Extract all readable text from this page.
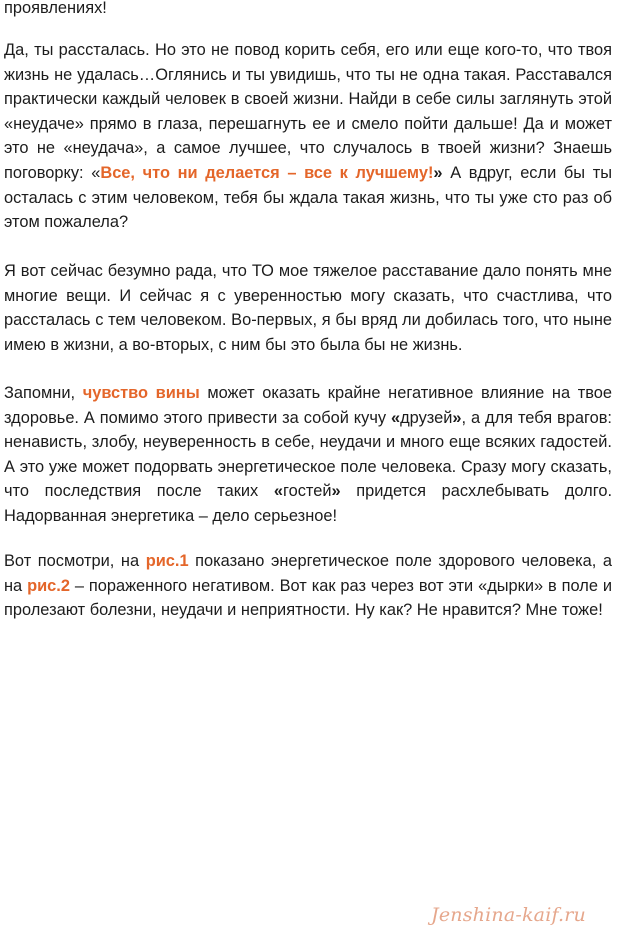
проявлениях!

Да, ты рассталась. Но это не повод корить себя, его или еще кого-то, что твоя жизнь не удалась…Оглянись и ты увидишь, что ты не одна такая. Расставался практически каждый человек в своей жизни. Найди в себе силы заглянуть этой «неудаче» прямо в глаза, перешагнуть ее и смело пойти дальше! Да и может это не «неудача», а самое лучшее, что случалось в твоей жизни? Знаешь поговорку: «Все, что ни делается – все к лучшему!» А вдруг, если бы ты осталась с этим человеком, тебя бы ждала такая жизнь, что ты уже сто раз об этом пожалела?

Я вот сейчас безумно рада, что ТО мое тяжелое расставание дало понять мне многие вещи. И сейчас я с уверенностью могу сказать, что счастлива, что рассталась с тем человеком. Во-первых, я бы вряд ли добилась того, что ныне имею в жизни, а во-вторых, с ним бы это была бы не жизнь.

Запомни, чувство вины может оказать крайне негативное влияние на твое здоровье. А помимо этого привести за собой кучу «друзей», а для тебя врагов: ненависть, злобу, неуверенность в себе, неудачи и много еще всяких гадостей. А это уже может подорвать энергетическое поле человека. Сразу могу сказать, что последствия после таких «гостей» придется расхлебывать долго. Надорванная энергетика – дело серьезное!

Вот посмотри, на рис.1 показано энергетическое поле здорового человека, а на рис.2 – пораженного негативом. Вот как раз через вот эти «дырки» в поле и пролезают болезни, неудачи и неприятности. Ну как? Не нравится? Мне тоже!

Jenshina-kaif.ru
